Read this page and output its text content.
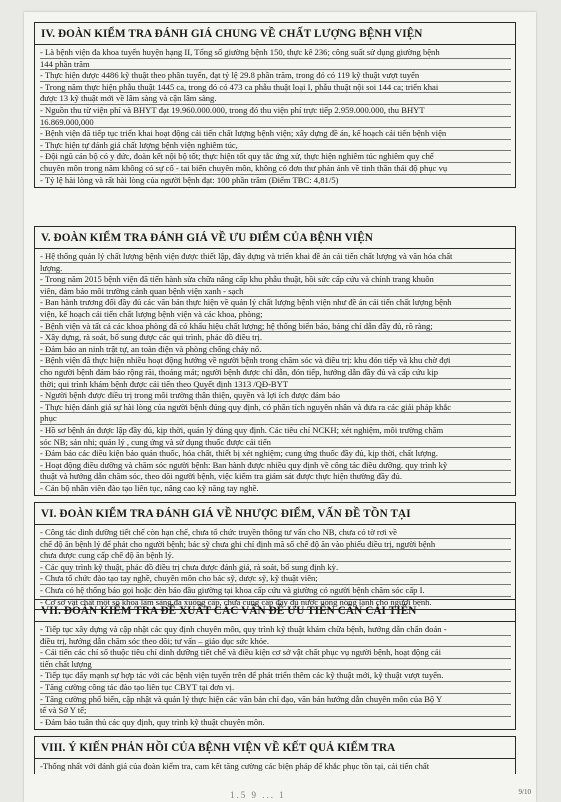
IV. ĐOÀN KIỂM TRA ĐÁNH GIÁ CHUNG VỀ CHẤT LƯỢNG BỆNH VIỆN
- Là bệnh viện đa khoa tuyến huyện hạng II, Tổng số giường bệnh 150, thực kê 236; công suất sử dụng giường bệnh
144 phần trăm
- Thực hiện được 4486 kỹ thuật theo phân tuyến, đạt tỷ lệ 29.8 phần trăm, trong đó có 119 kỹ thuật vượt tuyến
- Trong năm thực hiện phẫu thuật 1445 ca, trong đó có 473 ca phẫu thuật loại I, phẫu thuật nội soi 144 ca; triển khai
được 13 kỹ thuật mới về lâm sàng và cận lâm sàng.
- Nguồn thu từ viện phí và BHYT đạt 19.960.000.000, trong đó thu viện phí trực tiếp 2.959.000.000, thu BHYT
16.869.000,000
- Bệnh viện đã tiếp tục triển khai hoạt động cải tiến chất lượng bệnh viện; xây dựng đề án, kế hoạch cải tiến bệnh viện
- Thực hiện tự đánh giá chất lượng bệnh viện nghiêm túc,
- Đội ngũ cán bộ có y đức, đoàn kết nội bộ tốt; thực hiện tốt quy tắc ứng xử, thực hiện nghiêm túc nghiêm quy chế
chuyên môn trong năm không có sự cố - tai biến chuyên môn, không có đơn thư phản ánh về tinh thần thái độ phục vụ
- Tỷ lệ hài lòng và rất hài lòng của người bệnh đạt: 100 phần trăm (Điểm TBC: 4,81/5)
V. ĐOÀN KIỂM TRA ĐÁNH GIÁ VỀ ƯU ĐIỂM CỦA BỆNH VIỆN
- Hệ thống quản lý chất lượng bệnh viện được thiết lập, đây dựng và triển khai đề án cải tiến chất lượng và văn hóa chất
lượng.
- Trong năm 2015 bệnh viện đã tiến hành sửa chữa nâng cấp khu phẫu thuật, hồi sức cấp cứu và chỉnh trang khuôn
viên, đảm bảo môi trường cảnh quan bệnh viện xanh - sạch
- Ban hành trương đối đầy đủ các văn bản thực hiện về quản lý chất lượng bệnh viện như đề án cải tiến chất lượng bệnh
viện, kế hoạch cải tiến chất lượng bệnh viện và các khoa, phòng;
- Bệnh viện và tất cả các khoa phòng đã có khẩu hiệu chất lượng; hệ thống biển báo, bảng chỉ dẫn đầy đủ, rõ ràng;
- Xây dựng, rà soát, bổ sung được các qui trình, phác đồ điều trị.
- Đảm bảo an ninh trật tự, an toàn điện và phòng chống cháy nổ.
- Bệnh viện đã thực hiện nhiều hoạt động hướng về người bệnh trong chăm sóc và điều trị: khu đón tiếp và khu chờ đợi
cho người bệnh đảm bảo rộng rãi, thoáng mát; người bệnh được chỉ dẫn, đón tiếp, hướng dẫn đầy đủ và cấp cứu kịp
thời; qui trình khám bệnh được cải tiến theo Quyết định 1313 /QĐ-BYT
- Người bệnh được điều trị trong môi trường thân thiện, quyền và lợi ích được đảm bảo
- Thực hiện đánh giá sự hài lòng của người bệnh đúng quy định, có phân tích nguyên nhân và đưa ra các giải pháp khắc
phục
- Hồ sơ bệnh án được lập đầy đủ, kịp thời, quản lý đúng quy định. Các tiêu chí NCKH; xét nghiệm, môi trường chăm
sóc NB; sản nhi; quản lý , cung ứng và sử dụng thuốc được cải tiến
- Đảm bảo các điều kiện bảo quản thuốc, hóa chất, thiết bị xét nghiệm; cung ứng thuốc đầy đủ, kịp thời, chất lượng.
- Hoạt động điều dưỡng và chăm sóc người bệnh: Ban hành được nhiều quy định về công tác điều dưỡng. quy trình kỹ
thuật và hướng dẫn chăm sóc, theo dõi người bệnh, việc kiểm tra giám sát được thực hiện thường đầy đủ.
- Cán bộ nhân viên đào tạo liên tục, nâng cao kỹ năng tay nghề.
VI. ĐOÀN KIỂM TRA ĐÁNH GIÁ VỀ NHƯỢC ĐIỂM, VẤN ĐỀ TỒN TẠI
- Công tác dinh dưỡng tiết chế còn hạn chế, chưa tổ chức truyền thông tư vấn cho NB, chưa có tờ rơi về
chế độ ăn bệnh lý để phát cho người bệnh; bác sỹ chưa ghi chỉ định mã số chế độ ăn vào phiếu điều trị, người bệnh
chưa được cung cấp chế độ ăn bệnh lý.
- Các quy trình kỹ thuật, phác đồ điều trị chưa được đánh giá, rà soát, bổ sung định kỳ.
- Chưa tổ chức đào tạo tay nghề, chuyên môn cho bác sỹ, dược sỹ, kỹ thuật viên;
- Chưa có hệ thống báo gọi hoặc đèn báo đầu giường tại khoa cấp cứu và giường có người bệnh chăm sóc cấp I.
- Cơ sở vật chất một số khoa lâm sàng đã xuống cấp, chưa cung cấp đầy đủ nước uống nóng lạnh cho người bệnh.
VII. ĐOÀN KIỂM TRA ĐỀ XUẤT CÁC VẤN ĐỀ ƯU TIÊN CẦN CẢI TIẾN
- Tiếp tục xây dựng và cập nhật các quy định chuyên môn, quy trình kỹ thuật khám chữa bệnh, hướng dẫn chẩn đoán -
điều trị, hướng dẫn chăm sóc theo dõi; tư vấn – giáo dục sức khỏe.
- Cải tiến các chỉ số thuộc tiêu chí dinh dưỡng tiết chế và điều kiện cơ sở vật chất phục vụ người bệnh, hoạt động cải
tiến chất lượng
- Tiếp tục đẩy mạnh sự hợp tác với các bệnh viện tuyến trên để phát triển thêm các kỹ thuật mới, kỹ thuật vượt tuyến.
- Tăng cường công tác đào tạo liên tục CBYT tại đơn vị.
- Tăng cường phổ biến, cập nhật và quản lý thực hiện các văn bản chỉ đạo, văn bản hướng dẫn chuyên môn của Bộ Y
tế và Sở Y tế;
- Đảm bảo tuân thủ các quy định, quy trình kỹ thuật chuyên môn.
VIII. Ý KIẾN PHẢN HỒI CỦA BỆNH VIỆN VỀ KẾT QUẢ KIỂM TRA
-Thống nhất với đánh giá của đoàn kiểm tra, cam kết tăng cường các biện pháp để khắc phục tồn tại, cải tiến chất
1.5 9 ... 1	9/10
